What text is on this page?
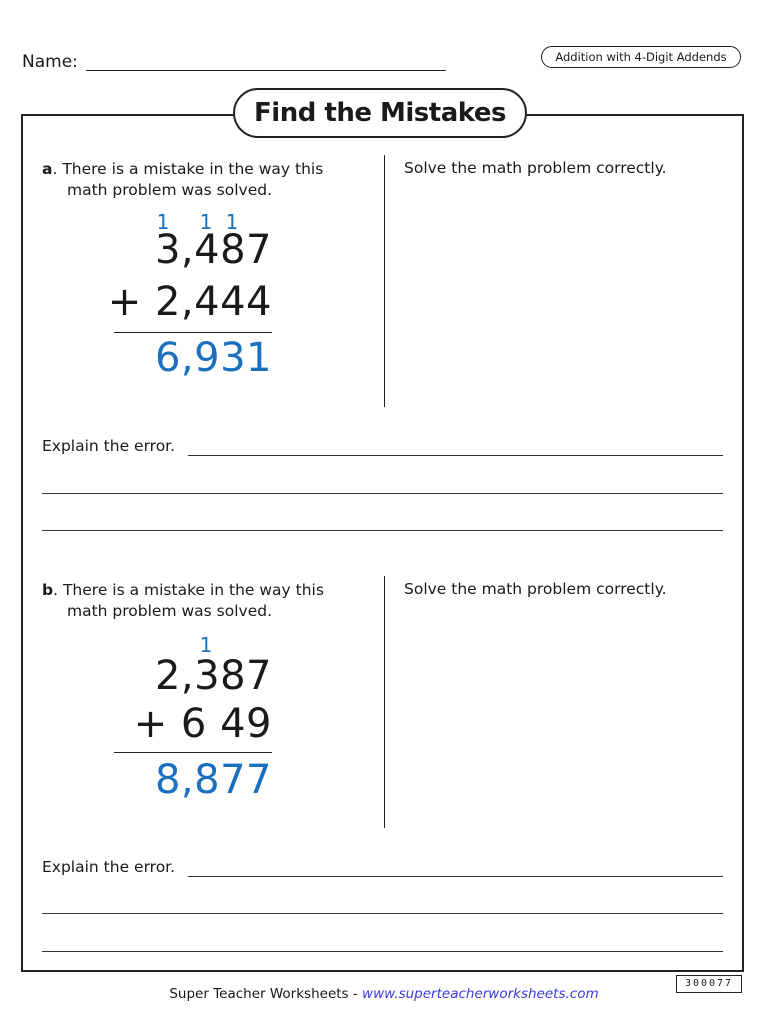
Name:	Addition with 4-Digit Addends
Find the Mistakes
a. There is a mistake in the way this
math problem was solved.
Solve the math problem correctly.
1 1 1
3,487
+ 2,444
6,931
Explain the error.
b. There is a mistake in the way this
math problem was solved.
Solve the math problem correctly.
1
2,387
+ 6 49
8,877
Explain the error.
Super Teacher Worksheets - www.superteacherworksheets.com
300077
